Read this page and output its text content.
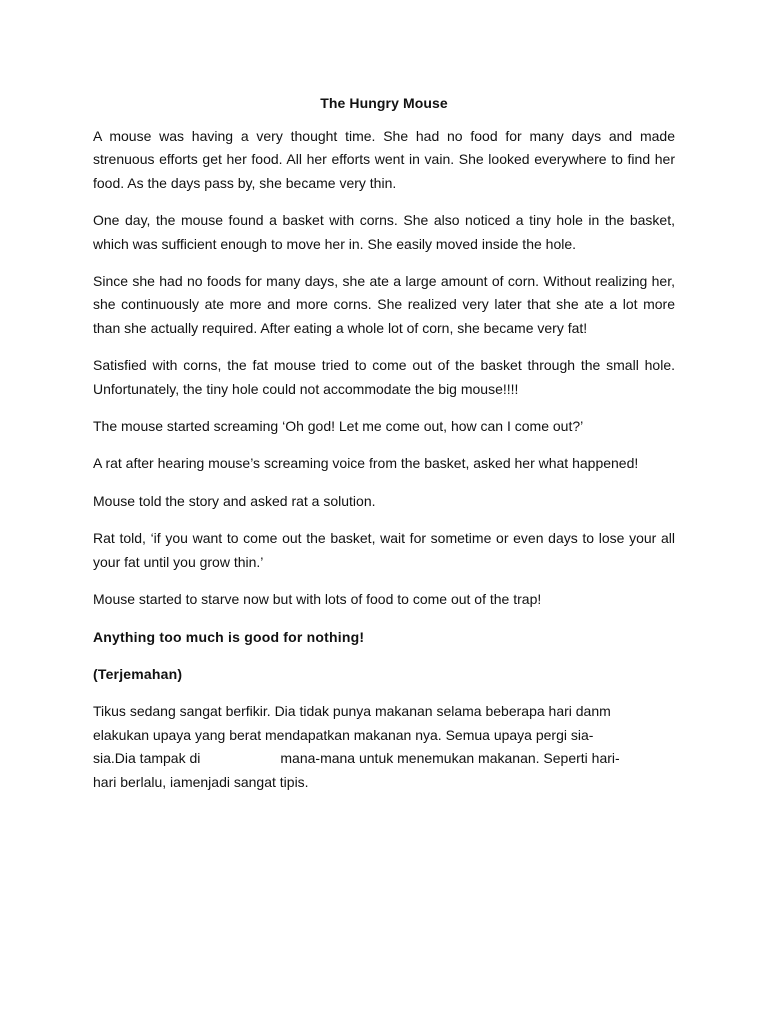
The Hungry Mouse

A mouse was having a very thought time. She had no food for many days and made strenuous efforts get her food. All her efforts went in vain. She looked everywhere to find her food. As the days pass by, she became very thin.

One day, the mouse found a basket with corns. She also noticed a tiny hole in the basket, which was sufficient enough to move her in. She easily moved inside the hole.

Since she had no foods for many days, she ate a large amount of corn. Without realizing her, she continuously ate more and more corns. She realized very later that she ate a lot more than she actually required. After eating a whole lot of corn, she became very fat!

Satisfied with corns, the fat mouse tried to come out of the basket through the small hole. Unfortunately, the tiny hole could not accommodate the big mouse!!!!

The mouse started screaming ‘Oh god! Let me come out, how can I come out?’

A rat after hearing mouse’s screaming voice from the basket, asked her what happened!

Mouse told the story and asked rat a solution.

Rat told, ‘if you want to come out the basket, wait for sometime or even days to lose your all your fat until you grow thin.’

Mouse started to starve now but with lots of food to come out of the trap!

Anything too much is good for nothing!

(Terjemahan)

Tikus sedang sangat berfikir. Dia tidak punya makanan selama beberapa hari danm
elakukan upaya yang berat mendapatkan makanan nya. Semua upaya pergi sia-
sia.Dia tampak di	mana-mana untuk menemukan makanan. Seperti hari-
hari berlalu, iamenjadi sangat tipis.
